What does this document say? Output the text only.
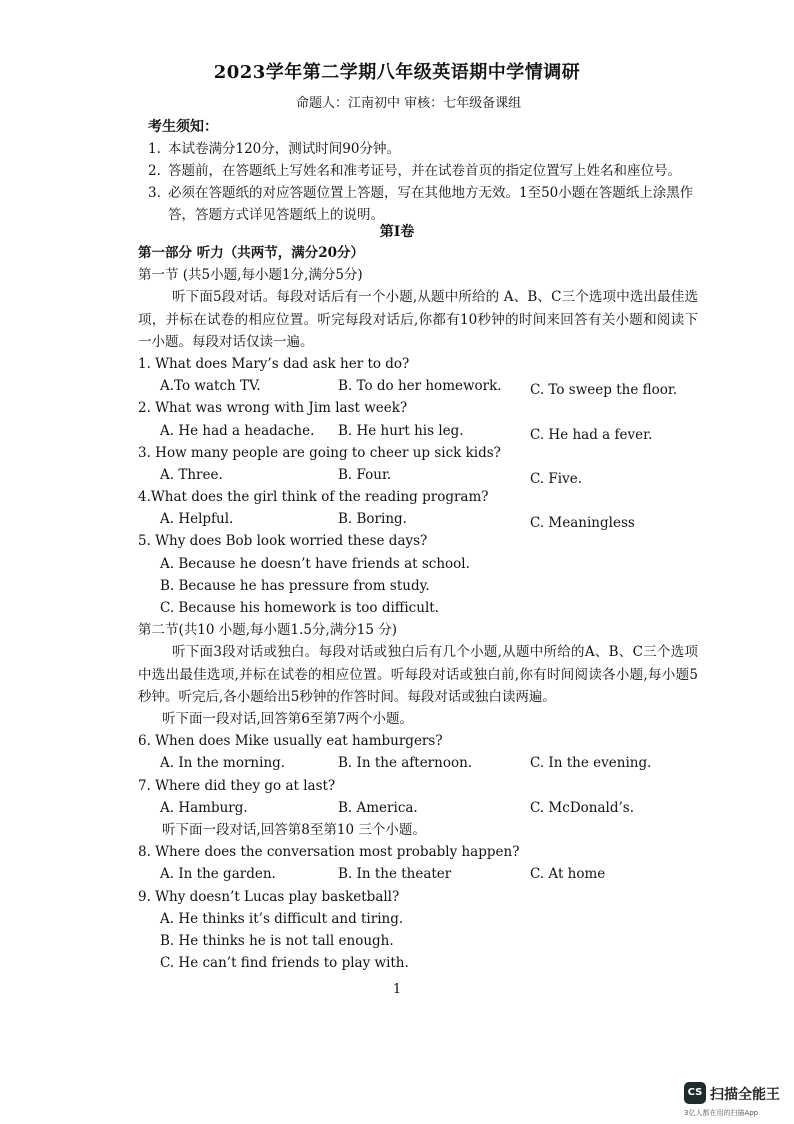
2023学年第二学期八年级英语期中学情调研
命题人：江南初中 审核：七年级备课组
考生须知：
1. 本试卷满分120分，测试时间90分钟。
2. 答题前，在答题纸上写姓名和准考证号，并在试卷首页的指定位置写上姓名和座位号。
3. 必须在答题纸的对应答题位置上答题，写在其他地方无效。1至50小题在答题纸上涂黑作答，答题方式详见答题纸上的说明。
第I卷
第一部分 听力（共两节，满分20分）
第一节 (共5小题,每小题1分,满分5分)
听下面5段对话。每段对话后有一个小题,从题中所给的 A、B、C三个选项中选出最佳选项，并标在试卷的相应位置。听完每段对话后,你都有10秒钟的时间来回答有关小题和阅读下一小题。每段对话仅读一遍。
1. What does Mary’s dad ask her to do?
A.To watch TV.	B. To do her homework. C. To sweep the floor.
2. What was wrong with Jim last week?
A. He had a headache. B. He hurt his leg.	C. He had a fever.
3. How many people are going to cheer up sick kids?
A. Three.	B. Four.	C. Five.
4.What does the girl think of the reading program?
A. Helpful.	B. Boring.	C. Meaningless
5. Why does Bob look worried these days?
A. Because he doesn’t have friends at school.
B. Because he has pressure from study.
C. Because his homework is too difficult.
第二节(共10 小题,每小题1.5分,满分15 分)
听下面3段对话或独白。每段对话或独白后有几个小题,从题中所给的A、B、C三个选项中选出最佳选项,并标在试卷的相应位置。听每段对话或独白前,你有时间阅读各小题,每小题5秒钟。听完后,各小题给出5秒钟的作答时间。每段对话或独白读两遍。
听下面一段对话,回答第6至第7两个小题。
6. When does Mike usually eat hamburgers?
A. In the morning.	B. In the afternoon.	C. In the evening.
7. Where did they go at last?
A. Hamburg.	B. America.	C. McDonald’s.
听下面一段对话,回答第8至第10 三个小题。
8. Where does the conversation most probably happen?
A. In the garden.	B. In the theater	C. At home
9. Why doesn’t Lucas play basketball?
A. He thinks it’s difficult and tiring.
B. He thinks he is not tall enough.
C. He can’t find friends to play with.
1
CS 扫描全能王
3亿人都在用的扫描App
